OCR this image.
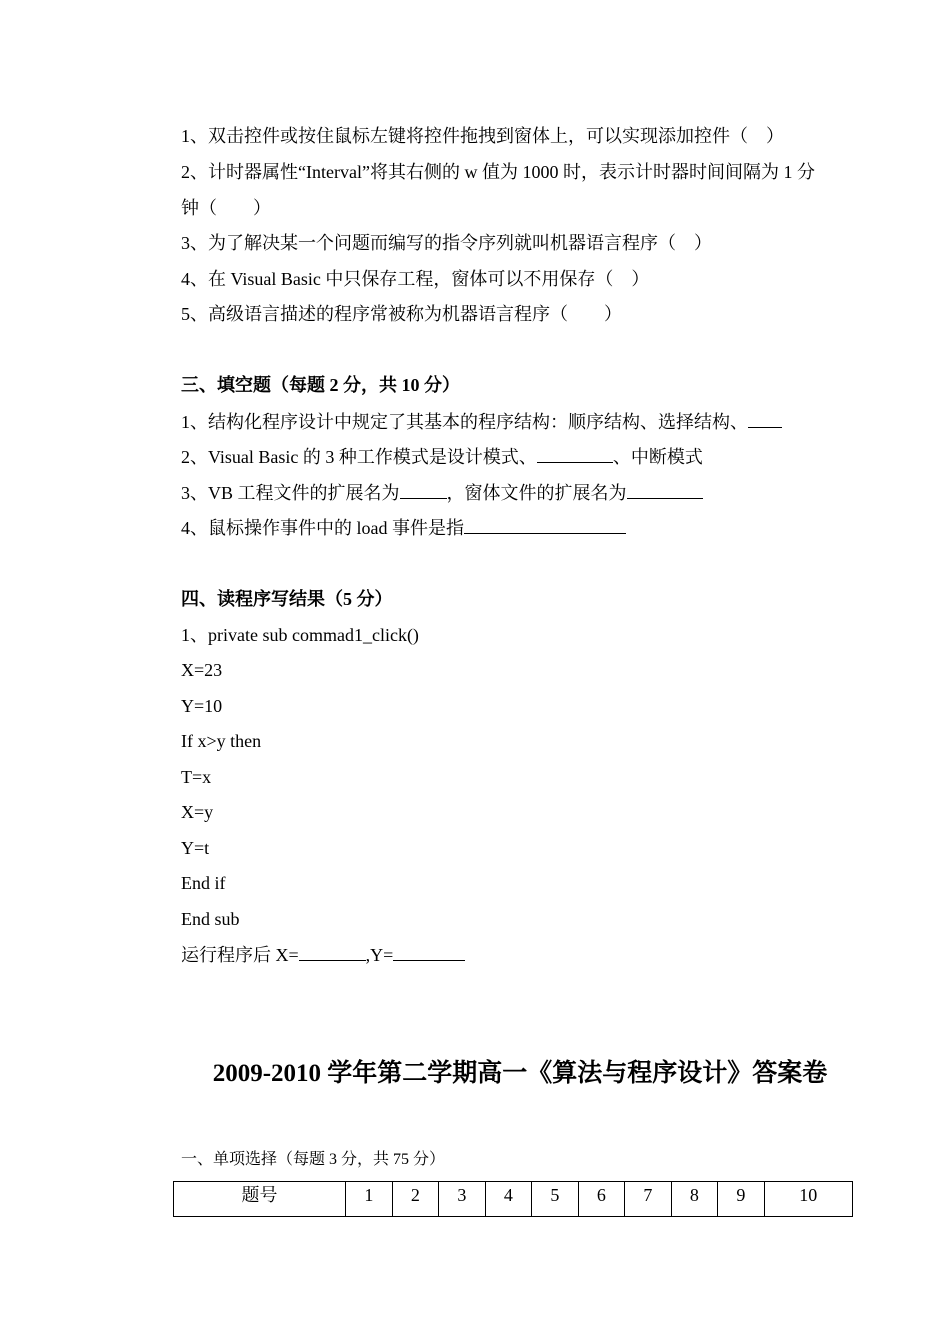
1、双击控件或按住鼠标左键将控件拖拽到窗体上，可以实现添加控件（　）
2、计时器属性“Interval”将其右侧的 w 值为 1000 时，表示计时器时间间隔为 1 分
钟（　　）
3、为了解决某一个问题而编写的指令序列就叫机器语言程序（　）
4、在 Visual Basic 中只保存工程，窗体可以不用保存（　）
5、高级语言描述的程序常被称为机器语言程序（　　）
三、填空题（每题 2 分，共 10 分）
1、结构化程序设计中规定了其基本的程序结构：顺序结构、选择结构、
2、Visual Basic 的 3 种工作模式是设计模式、	、中断模式
3、VB 工程文件的扩展名为	，窗体文件的扩展名为
4、鼠标操作事件中的 load 事件是指
四、读程序写结果（5 分）
1、private sub commad1_click()
X=23
Y=10
If x>y then
T=x
X=y
Y=t
End if
End sub
运行程序后 X=	,Y=
2009-2010 学年第二学期高一《算法与程序设计》答案卷
一、单项选择（每题 3 分，共 75 分）
题号	1	2	3	4	5	6	7	8	9	10
